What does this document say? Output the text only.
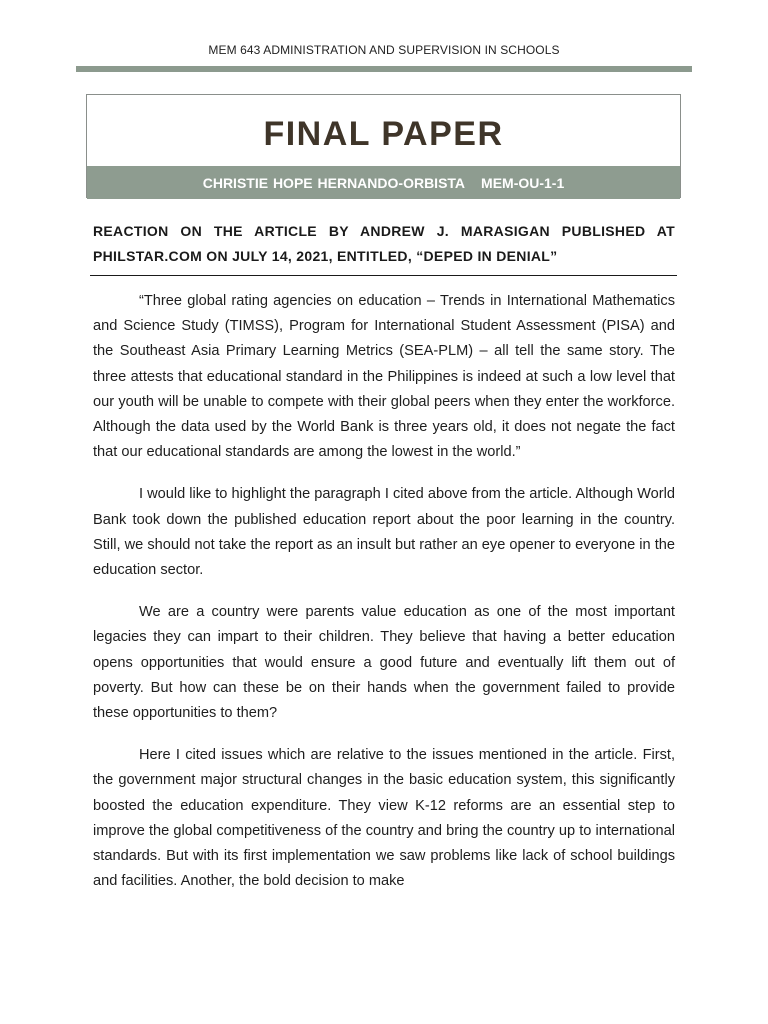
MEM 643 ADMINISTRATION AND SUPERVISION IN SCHOOLS
FINAL PAPER
CHRISTIE HOPE HERNANDO-ORBISTA MEM-OU-1-1
REACTION ON THE ARTICLE BY ANDREW J. MARASIGAN PUBLISHED AT PHILSTAR.COM ON JULY 14, 2021, ENTITLED, “DEPED IN DENIAL”

“Three global rating agencies on education – Trends in International Mathematics and Science Study (TIMSS), Program for International Student Assessment (PISA) and the Southeast Asia Primary Learning Metrics (SEA-PLM) – all tell the same story. The three attests that educational standard in the Philippines is indeed at such a low level that our youth will be unable to compete with their global peers when they enter the workforce. Although the data used by the World Bank is three years old, it does not negate the fact that our educational standards are among the lowest in the world.”

I would like to highlight the paragraph I cited above from the article. Although World Bank took down the published education report about the poor learning in the country. Still, we should not take the report as an insult but rather an eye opener to everyone in the education sector.

We are a country were parents value education as one of the most important legacies they can impart to their children. They believe that having a better education opens opportunities that would ensure a good future and eventually lift them out of poverty. But how can these be on their hands when the government failed to provide these opportunities to them?

Here I cited issues which are relative to the issues mentioned in the article. First, the government major structural changes in the basic education system, this significantly boosted the education expenditure. They view K-12 reforms are an essential step to improve the global competitiveness of the country and bring the country up to international standards. But with its first implementation we saw problems like lack of school buildings and facilities. Another, the bold decision to make
